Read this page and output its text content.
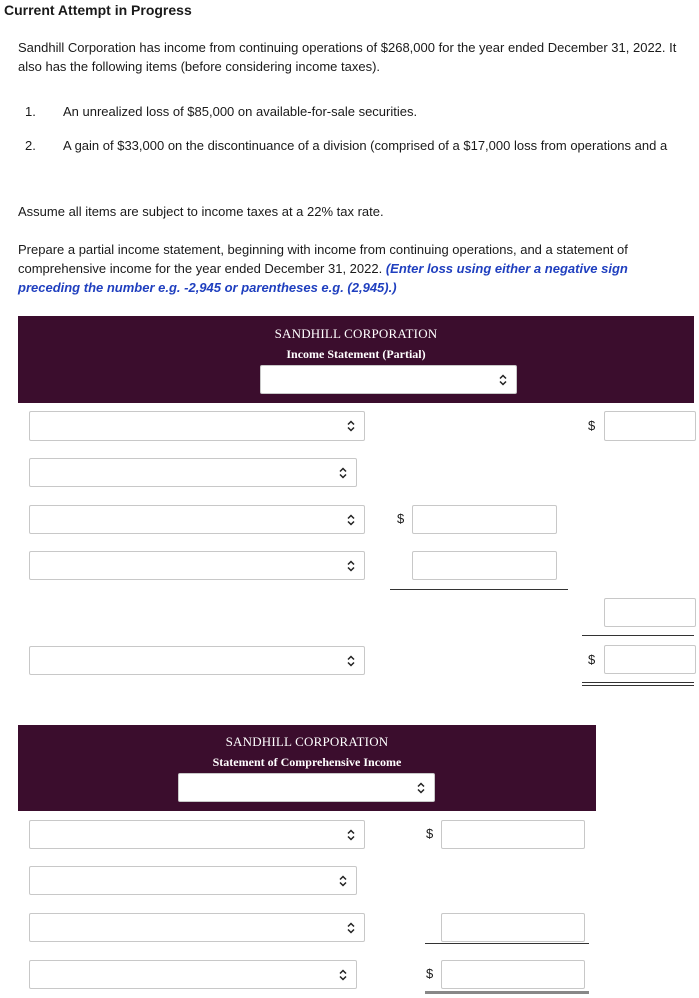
Current Attempt in Progress
Sandhill Corporation has income from continuing operations of $268,000 for the year ended December 31, 2022. It also has the following items (before considering income taxes).
1. An unrealized loss of $85,000 on available-for-sale securities.
2. A gain of $33,000 on the discontinuance of a division (comprised of a $17,000 loss from operations and a
Assume all items are subject to income taxes at a 22% tax rate.
Prepare a partial income statement, beginning with income from continuing operations, and a statement of comprehensive income for the year ended December 31, 2022. (Enter loss using either a negative sign preceding the number e.g. -2,945 or parentheses e.g. (2,945).)
SANDHILL CORPORATION
Income Statement (Partial)
$
$
$
SANDHILL CORPORATION
Statement of Comprehensive Income
$
$
